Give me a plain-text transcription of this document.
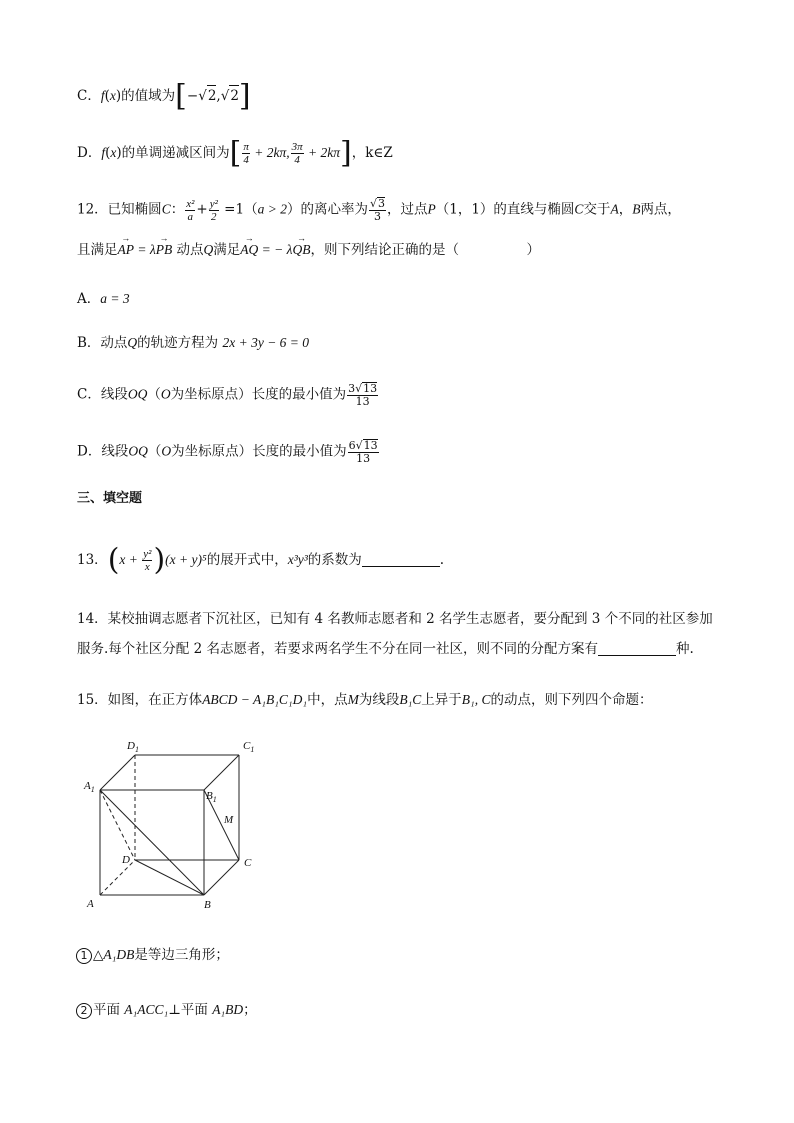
C．f(x)的值域为[−√2,√2]
D．f(x)的单调递减区间为[ $\frac{\pi}{4} + 2k\pi$, $\frac{3\pi}{4} + 2k\pi$]，k∈Z
12．已知椭圆C： $\frac{\text{x²}}{a} + \frac{\text{y²}}{2} =1(a > 2)$的离心率为 $\frac{√3}{3}$ ，过点P（1，1）的直线与椭圆C交于A，B两点，
且满足→ AP = λ→ PB 动点Q满足→ AQ = − λ→ QB，则下列结论正确的是（　　　　　）
A．a = 3
B．动点Q的轨迹方程为 2x + 3y − 6 = 0
C．线段OQ（O为坐标原点）长度的最小值为 $\frac{3√13}{13}$
D．线段OQ（O为坐标原点）长度的最小值为 $\frac{6√13}{13}$
三、填空题
13．$(x + \frac{\text{y²}}{x} )(x + y)^5$的展开式中，x³y³的系数为	.
14．某校抽调志愿者下沉社区，已知有 4 名教师志愿者和 2 名学生志愿者，要分配到 3 个不同的社区参加
服务.每个社区分配 2 名志愿者，若要求两名学生不分在同一社区，则不同的分配方案有	种.
15．如图，在正方体ABCD − A₁B₁C₁D₁中，点M为线段B₁C上异于B₁, C的动点，则下列四个命题：
$D_1$	$C_1$
$A_1$
$B_1$
M
D	C
A	B
1 △A₁DB是等边三角形；
2 平面 A₁ACC₁⊥平面 A₁BD；
